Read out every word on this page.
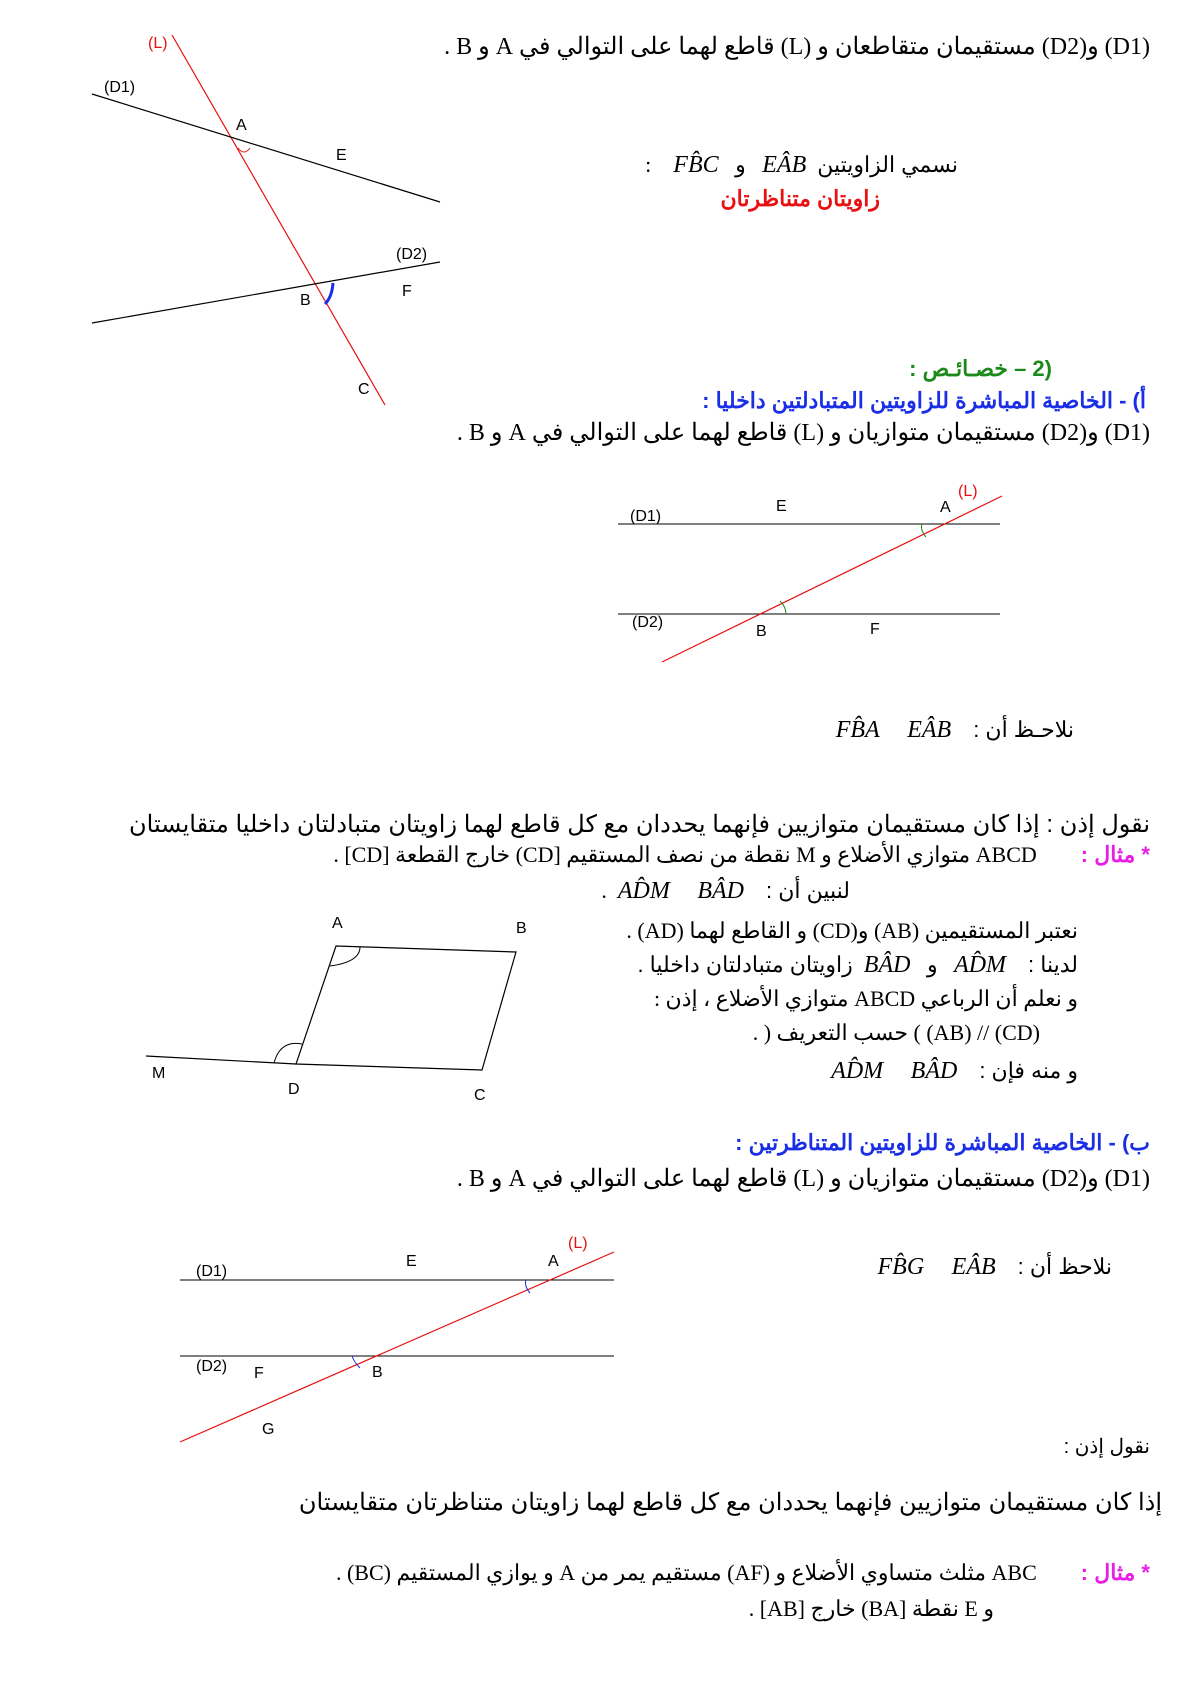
(L)
(D1)
A
E
(D2)
F
B
C
(D1)
E	A
(L)
(D2)
B	F
A	B
M
D	C
(D1)
E	A
(L)
(D2) F	B
G
(D1) و(D2) مستقيمان متقاطعان و (L) قاطع لهما على التوالي في A و B .
نسمي الزاويتين  EÂB   و   FB̂C    :
زاويتان متناظرتان
(2 – خصـائـص :
أ) - الخاصية المباشرة للزاويتين المتبادلتين داخليا :
(D1) و(D2) مستقيمان متوازيان و (L) قاطع لهما على التوالي في A و B .
نلاحـظ أن :    FB̂A EÂB
نقول إذن : إذا كان مستقيمان متوازيين فإنهما يحددان مع كل قاطع لهما زاويتان متبادلتان داخليا متقايستان
* مثال :        ABCD متوازي الأضلاع و M نقطة من نصف المستقيم [CD) خارج القطعة [CD] .
لنبين أن :    AD̂M BÂD  .
نعتبر المستقيمين (AB) و(CD) و القاطع لهما (AD) .
لدينا :    AD̂M   و   BÂD  زاويتان متبادلتان داخليا .
و نعلم أن الرباعي ABCD متوازي الأضلاع ، إذن :
(CD) // (AB) ) حسب التعريف ( .
و منه فإن :    AD̂M BÂD
ب) - الخاصية المباشرة للزاويتين المتناظرتين :
(D1) و(D2) مستقيمان متوازيان و (L) قاطع لهما على التوالي في A و B .
نلاحظ أن :    FB̂G EÂB
نقول إذن :
إذا كان مستقيمان متوازيين فإنهما يحددان مع كل قاطع لهما زاويتان متناظرتان متقايستان
* مثال :        ABC مثلث متساوي الأضلاع و (AF) مستقيم يمر من A و يوازي المستقيم (BC) .
و E نقطة [BA) خارج [AB] .
